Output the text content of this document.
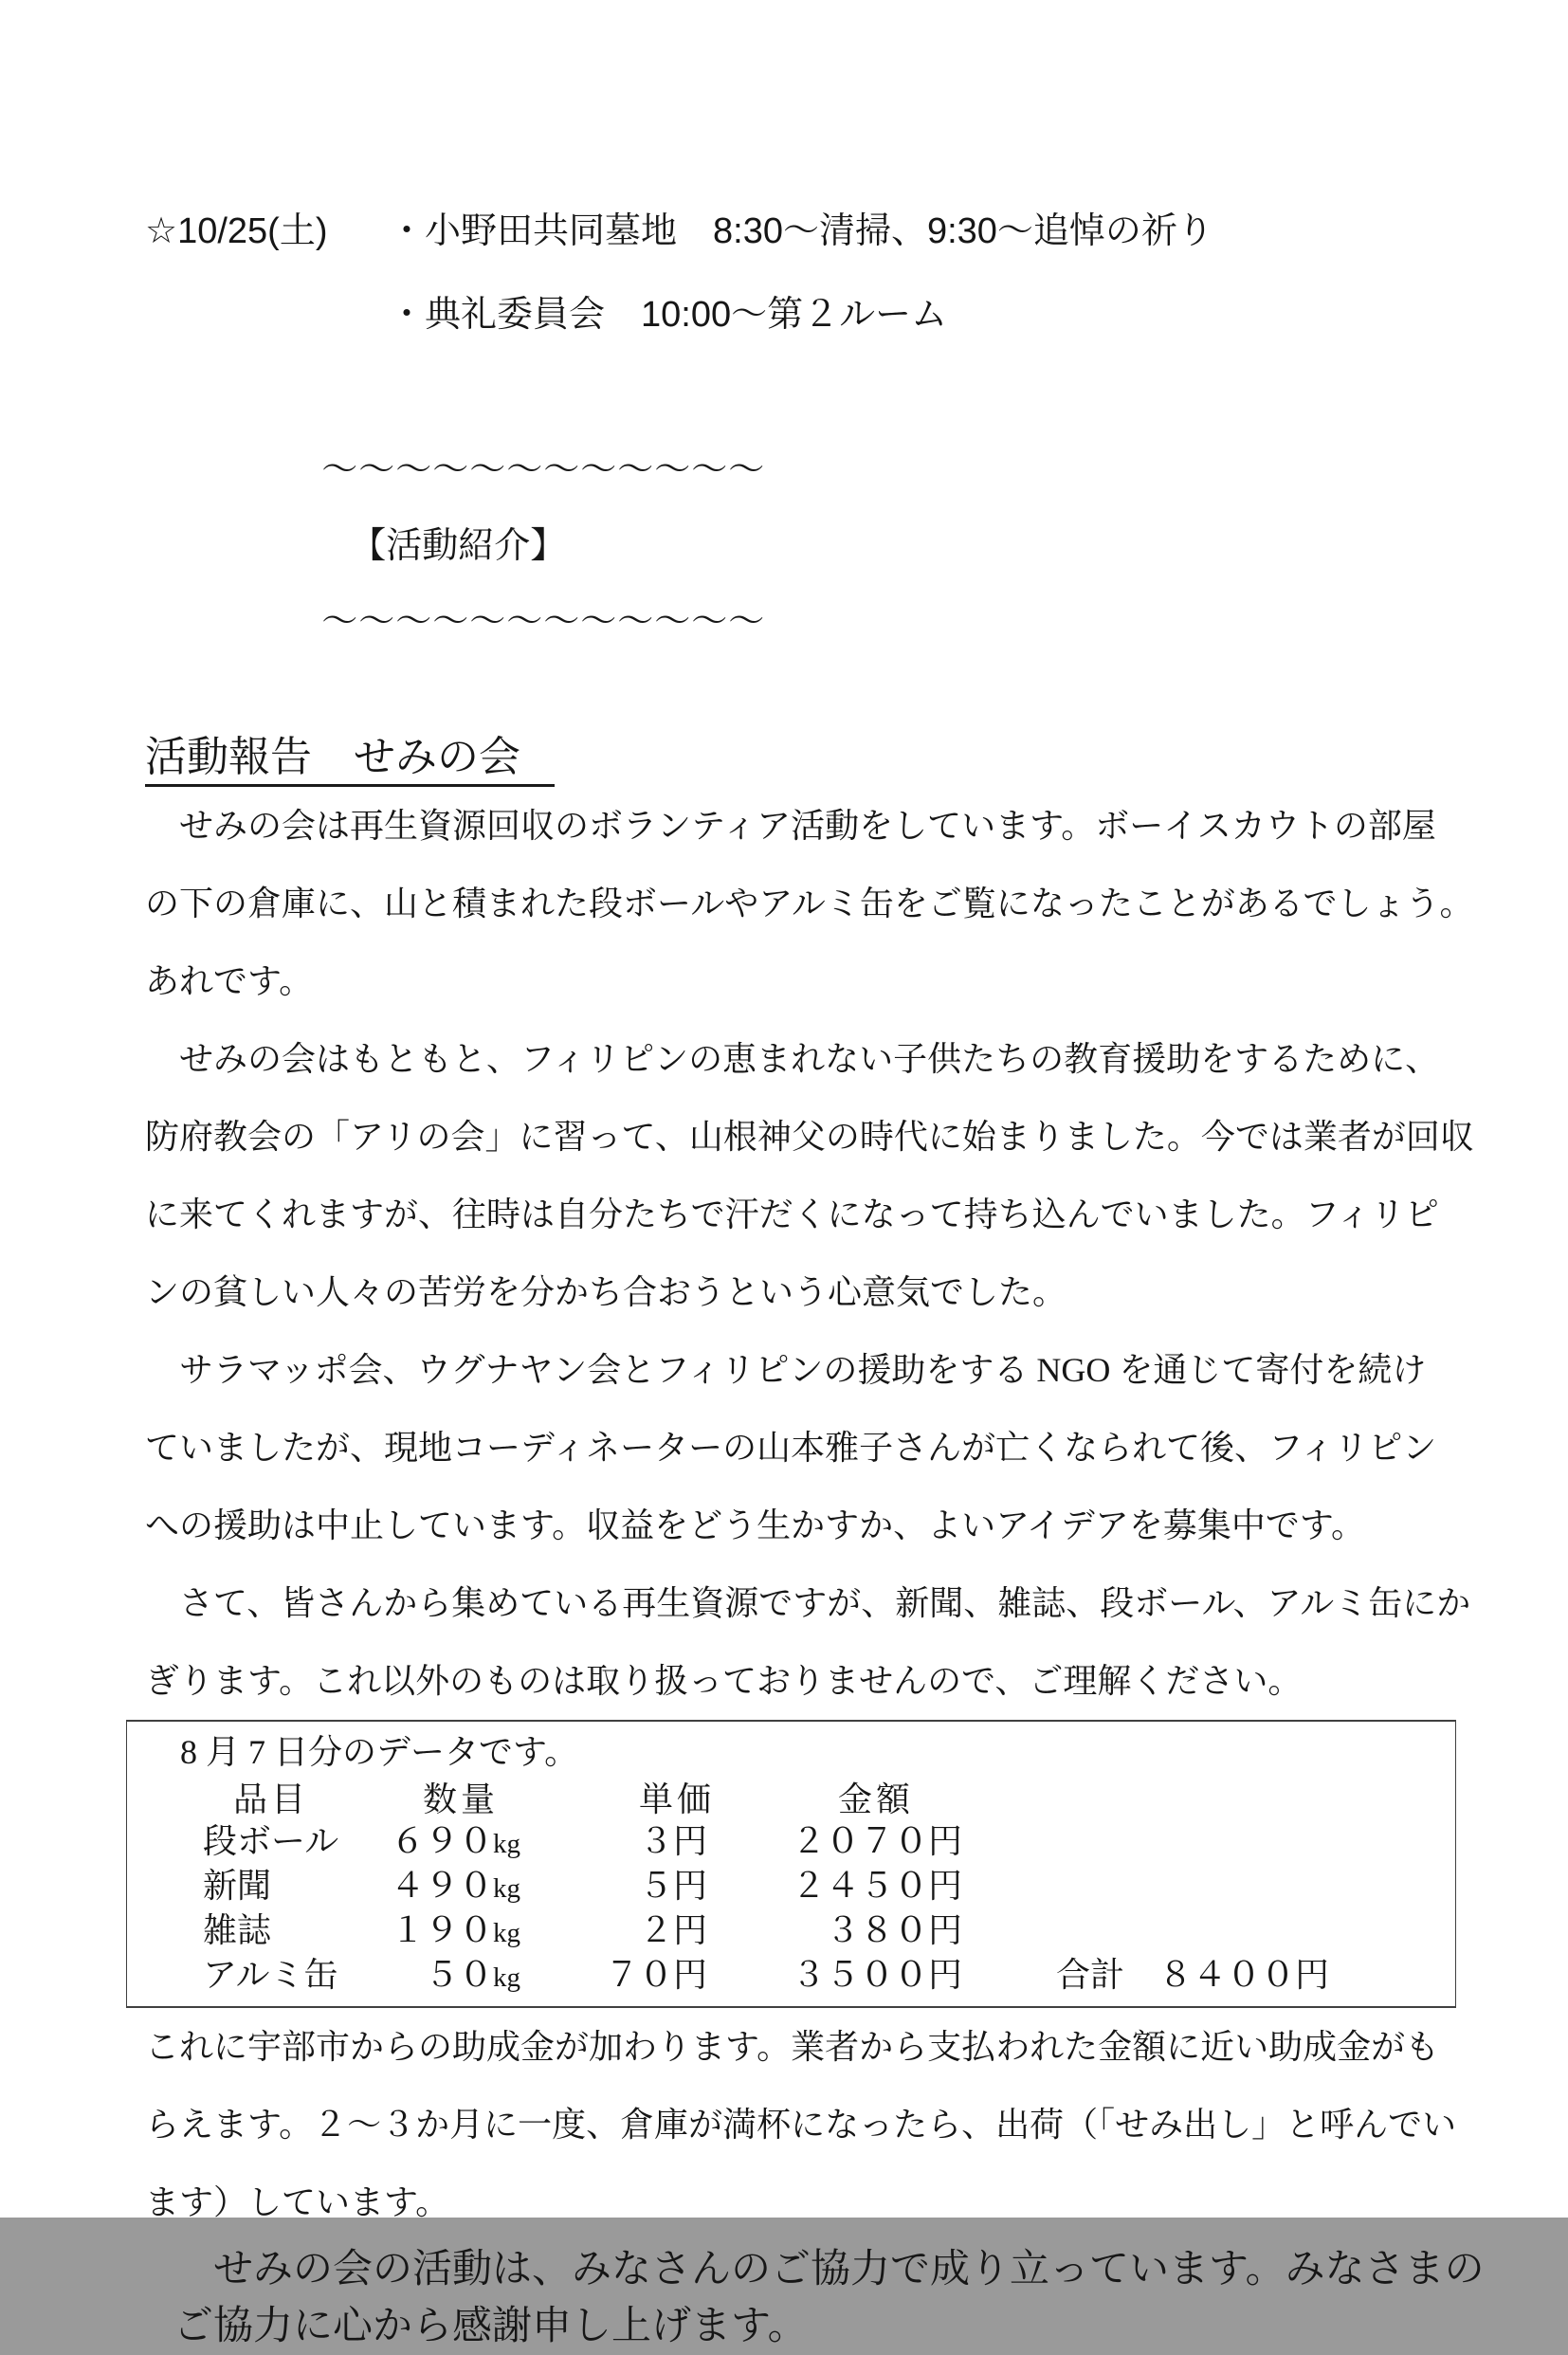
☆10/25(土)	・小野田共同墓地　8:30～清掃、9:30～追悼の祈り
・典礼委員会　10:00～第２ルーム

～～～～～～～～～～～～
【活動紹介】
～～～～～～～～～～～～

活動報告　せみの会
　せみの会は再生資源回収のボランティア活動をしています。ボーイスカウトの部屋
の下の倉庫に、山と積まれた段ボールやアルミ缶をご覧になったことがあるでしょう。
あれです。
　せみの会はもともと、フィリピンの恵まれない子供たちの教育援助をするために、
防府教会の「アリの会」に習って、山根神父の時代に始まりました。今では業者が回収
に来てくれますが、往時は自分たちで汗だくになって持ち込んでいました。フィリピ
ンの貧しい人々の苦労を分かち合おうという心意気でした。
　サラマッポ会、ウグナヤン会とフィリピンの援助をする NGO を通じて寄付を続け
ていましたが、現地コーディネーターの山本雅子さんが亡くなられて後、フィリピン
への援助は中止しています。収益をどう生かすか、よいアイデアを募集中です。
　さて、皆さんから集めている再生資源ですが、新聞、雑誌、段ボール、アルミ缶にか
ぎります。これ以外のものは取り扱っておりませんので、ご理解ください。
8 月 7 日分のデータです。
品目	数量	単価	金額
段ボール	６９０kg	３円	２０７０円
新聞	４９０kg	５円	２４５０円
雑誌	１９０kg	２円	３８０円
アルミ缶	５０kg	７０円	３５００円	合計　 ８４００円
これに宇部市からの助成金が加わります。業者から支払われた金額に近い助成金がも
らえます。２～３か月に一度、倉庫が満杯になったら、出荷（「せみ出し」と呼んでい
ます）しています。
　せみの会の活動は、みなさんのご協力で成り立っています。みなさまの
ご協力に心から感謝申し上げます。
